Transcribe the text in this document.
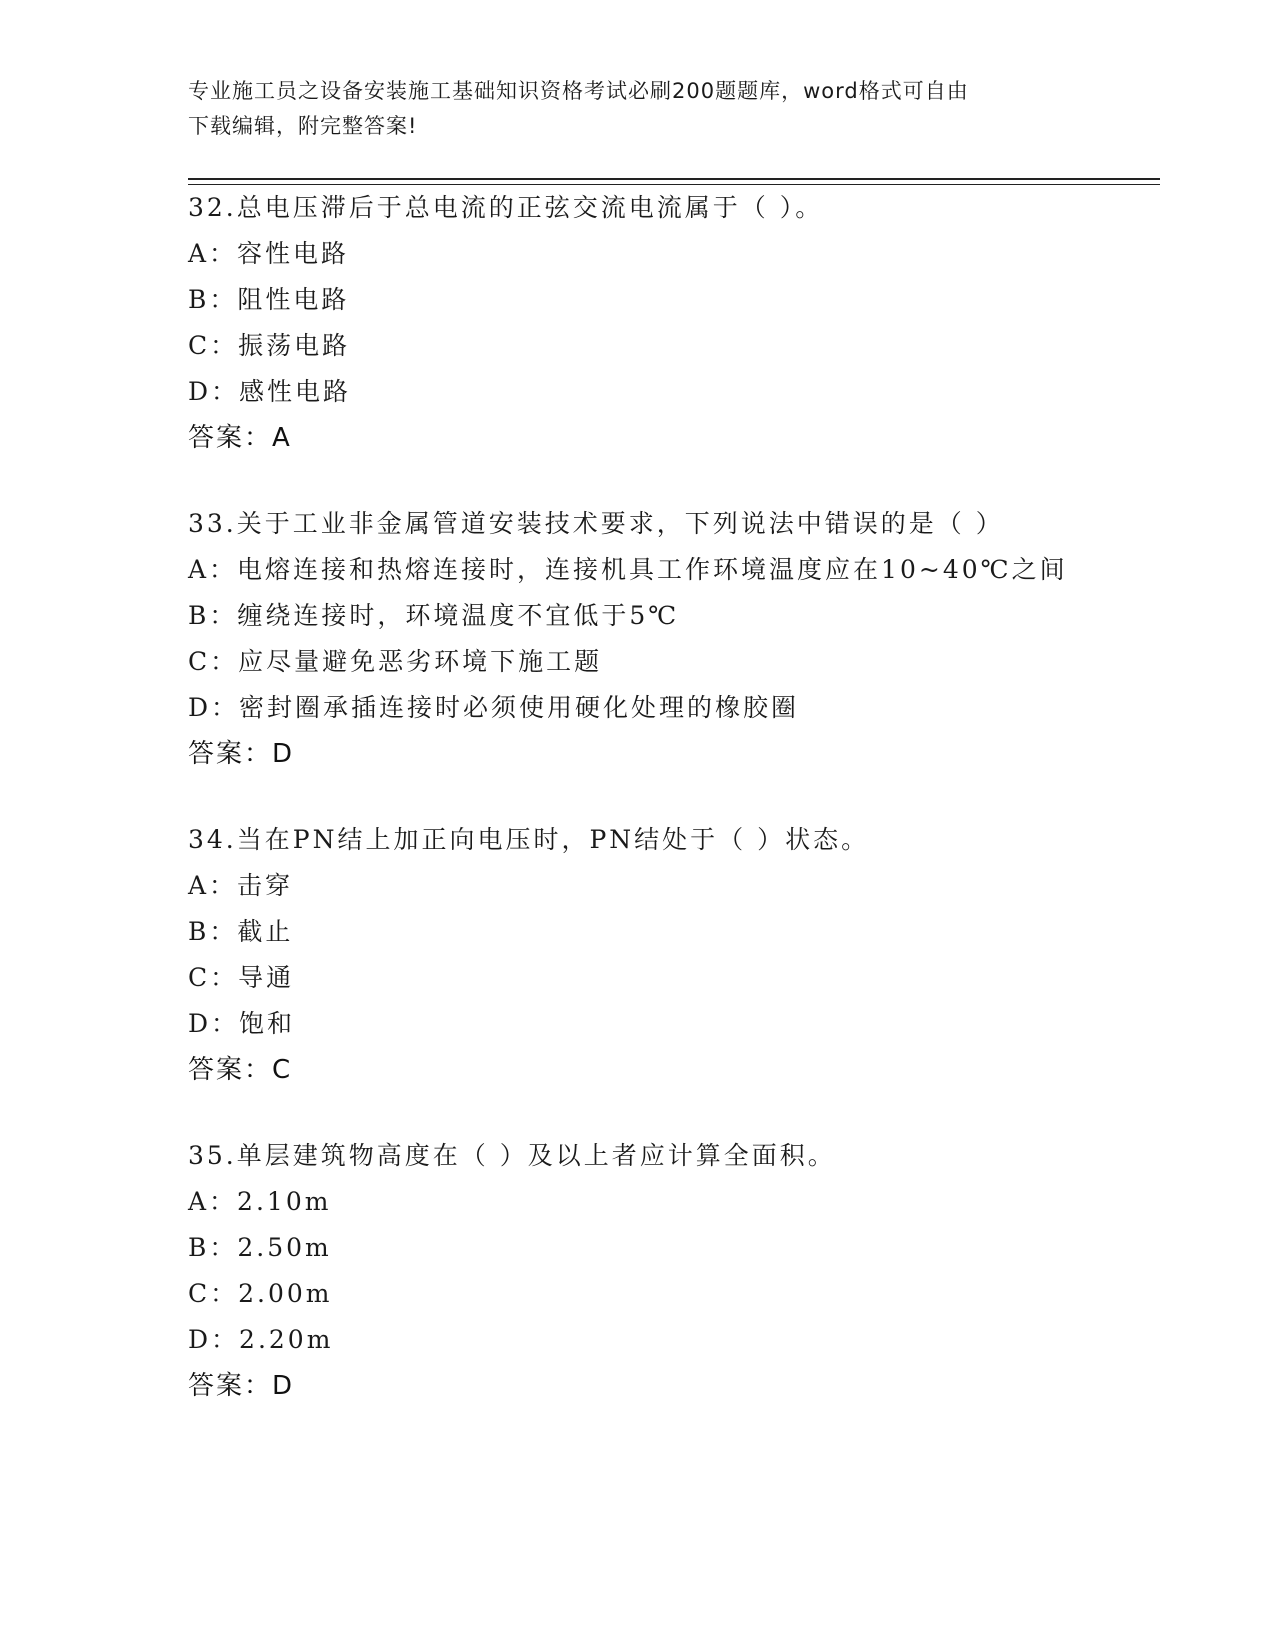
专业施工员之设备安装施工基础知识资格考试必刷200题题库，word格式可自由
下载编辑，附完整答案!
32.总电压滞后于总电流的正弦交流电流属于（ ）。
A：容性电路
B：阻性电路
C：振荡电路
D：感性电路
答案：A
33.关于工业非金属管道安装技术要求，下列说法中错误的是（ ）
A：电熔连接和热熔连接时，连接机具工作环境温度应在10~40℃之间
B：缠绕连接时，环境温度不宜低于5℃
C：应尽量避免恶劣环境下施工题
D：密封圈承插连接时必须使用硬化处理的橡胶圈
答案：D
34.当在PN结上加正向电压时，PN结处于（ ）状态。
A：击穿
B：截止
C：导通
D：饱和
答案：C
35.单层建筑物高度在（ ）及以上者应计算全面积。
A：2.10m
B：2.50m
C：2.00m
D：2.20m
答案：D
